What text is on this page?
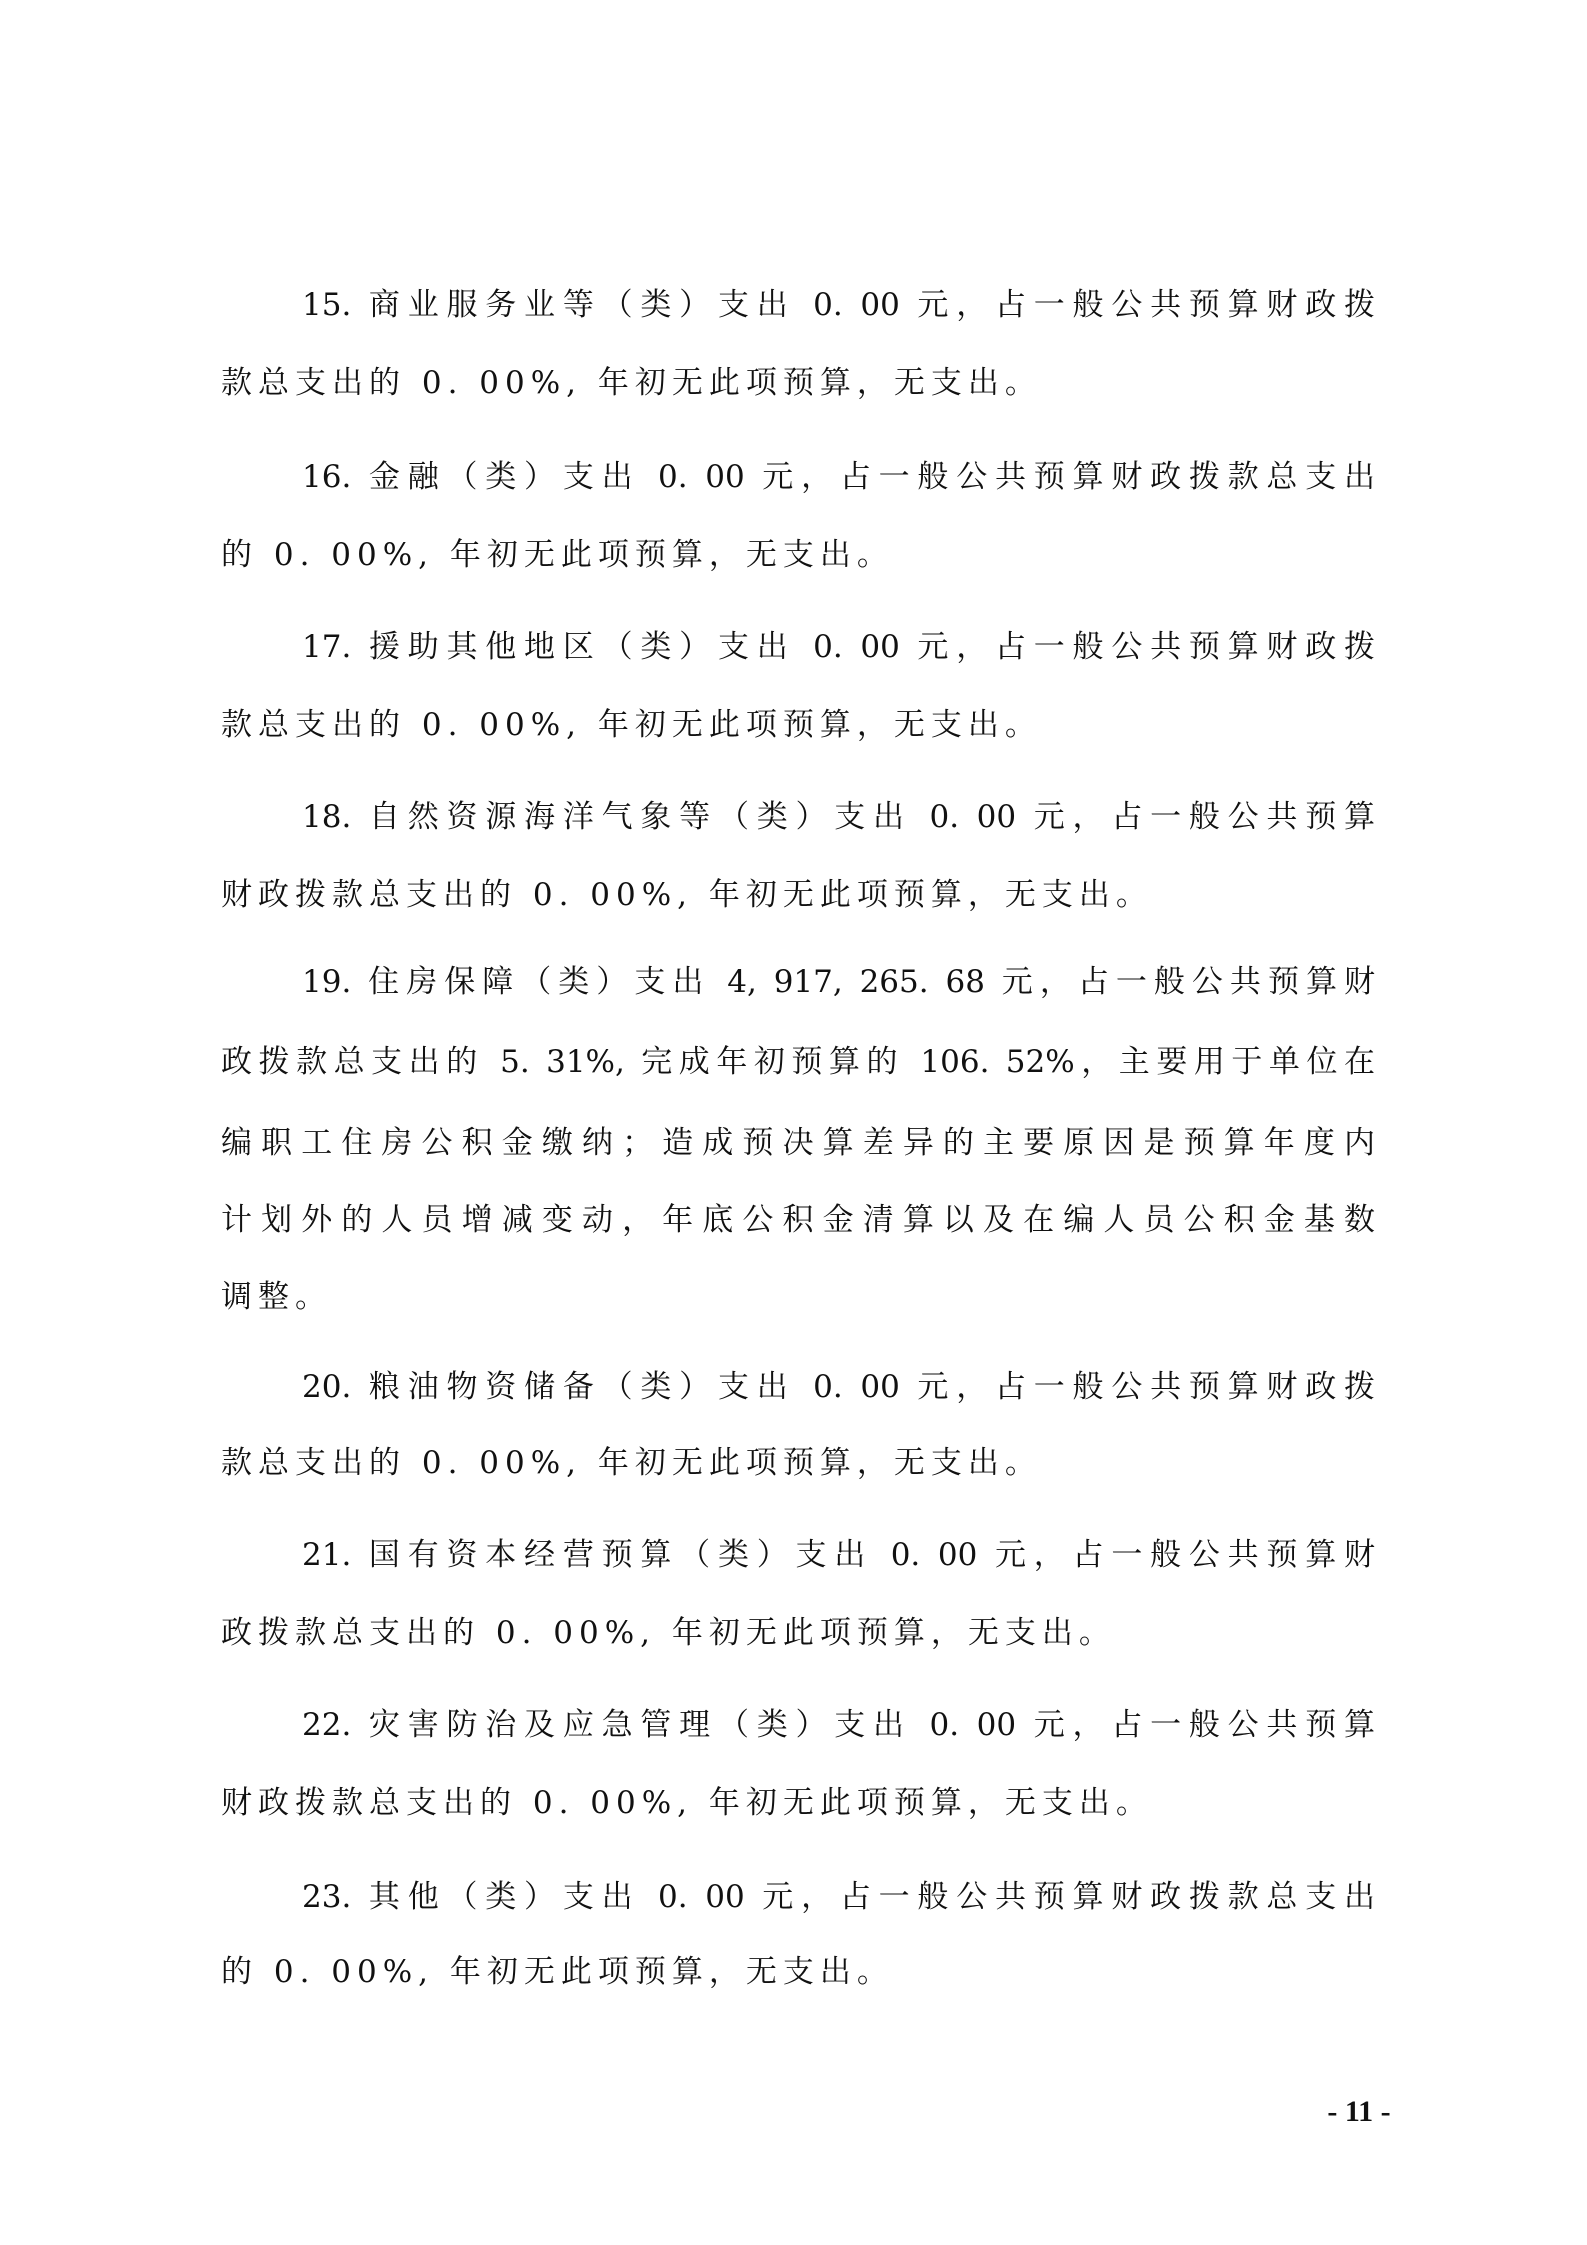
15. 商业服务业等（类）支出 0. 00 元，占一般公共预算财政拨
款总支出的 0. 00%, 年初无此项预算，无支出。
16. 金融（类）支出 0. 00 元，占一般公共预算财政拨款总支出
的 0. 00%, 年初无此项预算，无支出。
17. 援助其他地区（类）支出 0. 00 元，占一般公共预算财政拨
款总支出的 0. 00%, 年初无此项预算，无支出。
18. 自然资源海洋气象等（类）支出 0. 00 元，占一般公共预算
财政拨款总支出的 0. 00%, 年初无此项预算，无支出。
19. 住房保障（类）支出 4, 917, 265. 68 元，占一般公共预算财
政拨款总支出的 5. 31%, 完成年初预算的 106. 52%，主要用于单位在
编职工住房公积金缴纳；造成预决算差异的主要原因是预算年度内
计划外的人员增减变动，年底公积金清算以及在编人员公积金基数
调整。
20. 粮油物资储备（类）支出 0. 00 元，占一般公共预算财政拨
款总支出的 0. 00%, 年初无此项预算，无支出。
21. 国有资本经营预算（类）支出 0. 00 元，占一般公共预算财
政拨款总支出的 0. 00%, 年初无此项预算，无支出。
22. 灾害防治及应急管理（类）支出 0. 00 元，占一般公共预算
财政拨款总支出的 0. 00%, 年初无此项预算，无支出。
23. 其他（类）支出 0. 00 元，占一般公共预算财政拨款总支出
的 0. 00%, 年初无此项预算，无支出。
- 11 -
